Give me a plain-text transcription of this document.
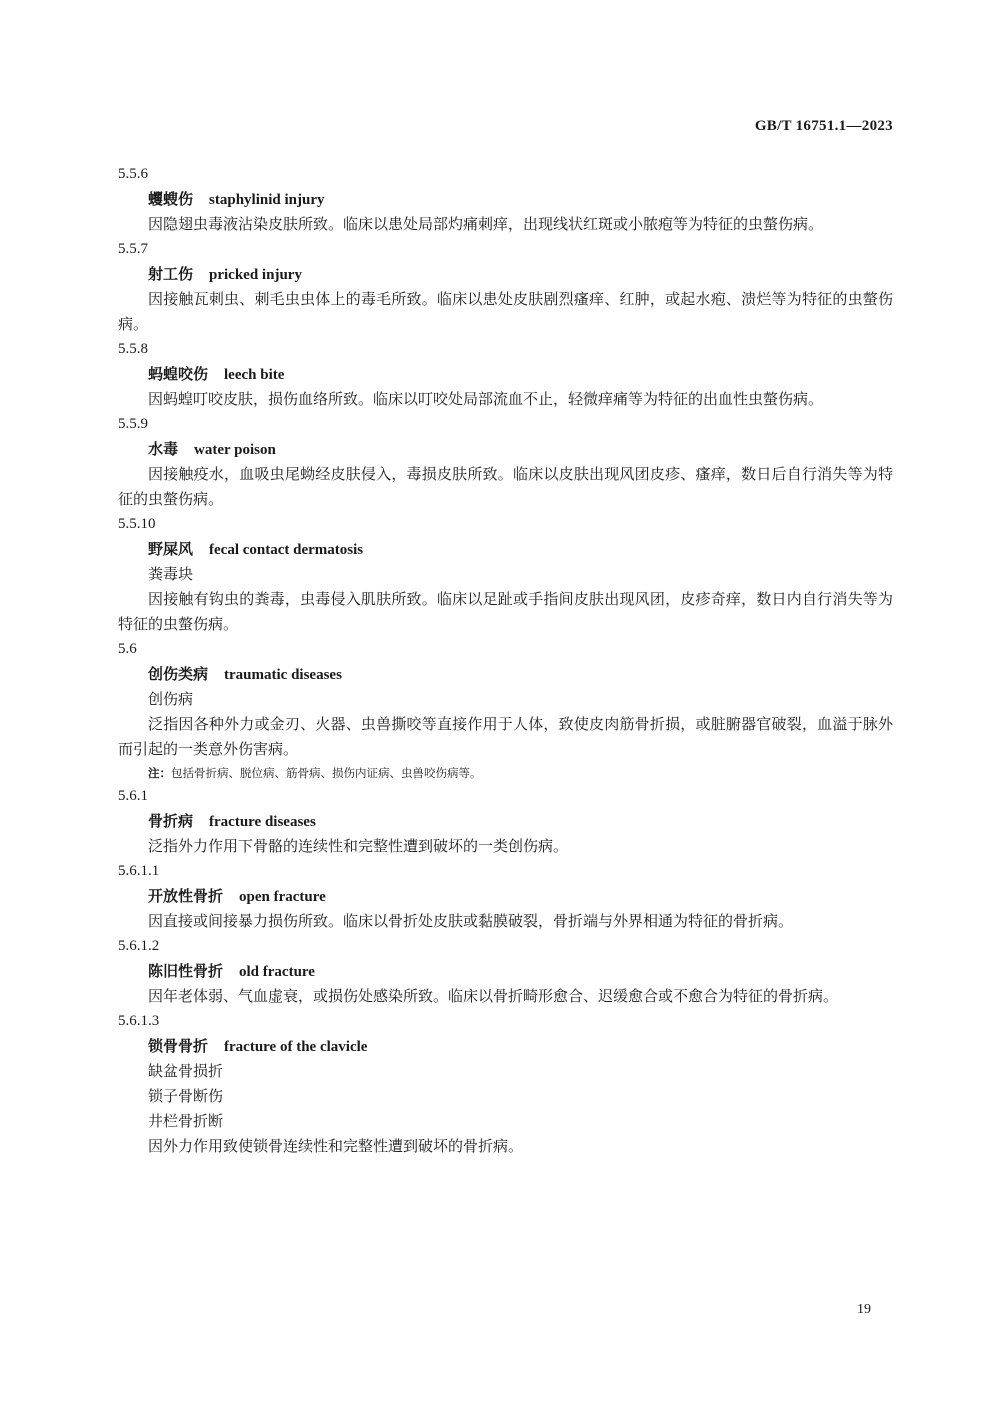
GB/T 16751.1—2023
5.5.6
蠼螋伤 staphylinid injury
因隐翅虫毒液沾染皮肤所致。临床以患处局部灼痛刺痒，出现线状红斑或小脓疱等为特征的虫螫伤病。
5.5.7
射工伤 pricked injury
因接触瓦刺虫、刺毛虫虫体上的毒毛所致。临床以患处皮肤剧烈瘙痒、红肿，或起水疱、溃烂等为特征的虫螫伤病。
5.5.8
蚂蝗咬伤 leech bite
因蚂蝗叮咬皮肤，损伤血络所致。临床以叮咬处局部流血不止，轻微痒痛等为特征的出血性虫螫伤病。
5.5.9
水毒 water poison
因接触疫水，血吸虫尾蚴经皮肤侵入，毒损皮肤所致。临床以皮肤出现风团皮疹、瘙痒，数日后自行消失等为特征的虫螫伤病。
5.5.10
野屎风 fecal contact dermatosis
粪毒块
因接触有钩虫的粪毒，虫毒侵入肌肤所致。临床以足趾或手指间皮肤出现风团，皮疹奇痒，数日内自行消失等为特征的虫螫伤病。
5.6
创伤类病 traumatic diseases
创伤病
泛指因各种外力或金刃、火器、虫兽撕咬等直接作用于人体，致使皮肉筋骨折损，或脏腑器官破裂，血溢于脉外而引起的一类意外伤害病。
注：包括骨折病、脱位病、筋骨病、损伤内证病、虫兽咬伤病等。
5.6.1
骨折病 fracture diseases
泛指外力作用下骨骼的连续性和完整性遭到破坏的一类创伤病。
5.6.1.1
开放性骨折 open fracture
因直接或间接暴力损伤所致。临床以骨折处皮肤或黏膜破裂，骨折端与外界相通为特征的骨折病。
5.6.1.2
陈旧性骨折 old fracture
因年老体弱、气血虚衰，或损伤处感染所致。临床以骨折畸形愈合、迟缓愈合或不愈合为特征的骨折病。
5.6.1.3
锁骨骨折 fracture of the clavicle
缺盆骨损折
锁子骨断伤
井栏骨折断
因外力作用致使锁骨连续性和完整性遭到破坏的骨折病。
19
